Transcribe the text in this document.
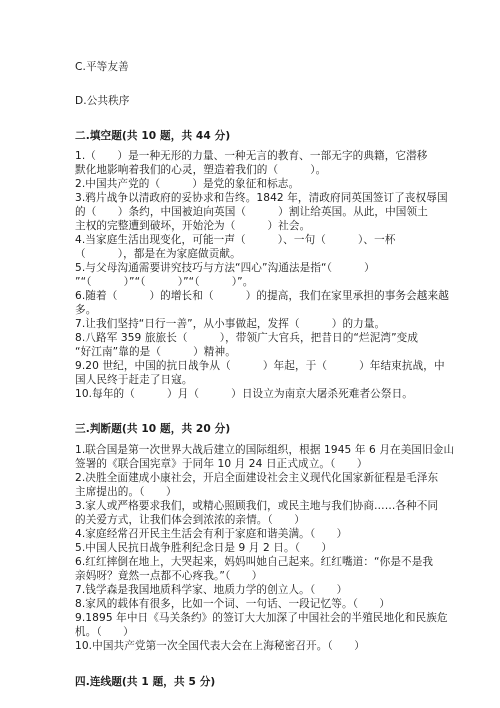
C.平等友善

D.公共秩序

二.填空题(共 10 题，共 44 分)

1.（　　）是一种无形的力量、一种无言的教育、一部无字的典籍，它潜移

默化地影响着我们的心灵，塑造着我们的（　　　）。

2.中国共产党的（　　　）是党的象征和标志。

3.鸦片战争以清政府的妥协求和告终。1842 年，清政府同英国签订了丧权辱国

的（　　）条约，中国被迫向英国（　　　）割让给英国。从此，中国领土

主权的完整遭到破坏，开始沦为（　　　）社会。

4.当家庭生活出现变化，可能一声（　　　）、一句（　　　）、一杯

（　　　），都是在为家庭做贡献。

5.与父母沟通需要讲究技巧与方法“四心”沟通法是指“（　　　）

”“（　　　）”“（　　　）”“（　　　）”。

6.随着（　　　）的增长和（　　　）的提高，我们在家里承担的事务会越来越

多。

7.让我们坚持“日行一善”，从小事做起，发挥（　　　）的力量。

8.八路军 359 旅旅长（　　　），带领广大官兵，把昔日的“烂泥湾”变成

“好江南”靠的是（　　　）精神。

9.20 世纪，中国的抗日战争从（　　　）年起，于（　　　）年结束抗战，中

国人民终于赶走了日寇。

10.每年的（　　　）月（　　　）日设立为南京大屠杀死难者公祭日。

三.判断题(共 10 题，共 20 分)

1.联合国是第一次世界大战后建立的国际组织，根据 1945 年 6 月在美国旧金山

签署的《联合国宪章》于同年 10 月 24 日正式成立。（　　）

2.决胜全面建成小康社会，开启全面建设社会主义现代化国家新征程是毛泽东

主席提出的。（　　）

3.家人或严格要求我们，或精心照顾我们，或民主地与我们协商……各种不同

的关爱方式，让我们体会到浓浓的亲情。（　　）

4.家庭经常召开民主生活会有利于家庭和谐美满。（　　）

5.中国人民抗日战争胜利纪念日是 9 月 2 日。（　　）

6.红红摔倒在地上，大哭起来，妈妈叫她自己起来。红红嘴道：“你是不是我

亲妈呀？竟然一点都不心疼我。”（　　）

7.钱学森是我国地质科学家、地质力学的创立人。（　　）

8.家风的载体有很多，比如一个词、一句话、一段记忆等。（　　）

9.1895 年中日《马关条约》的签订大大加深了中国社会的半殖民地化和民族危

机。（　　）

10.中国共产党第一次全国代表大会在上海秘密召开。（　　）

四.连线题(共 1 题，共 5 分)
